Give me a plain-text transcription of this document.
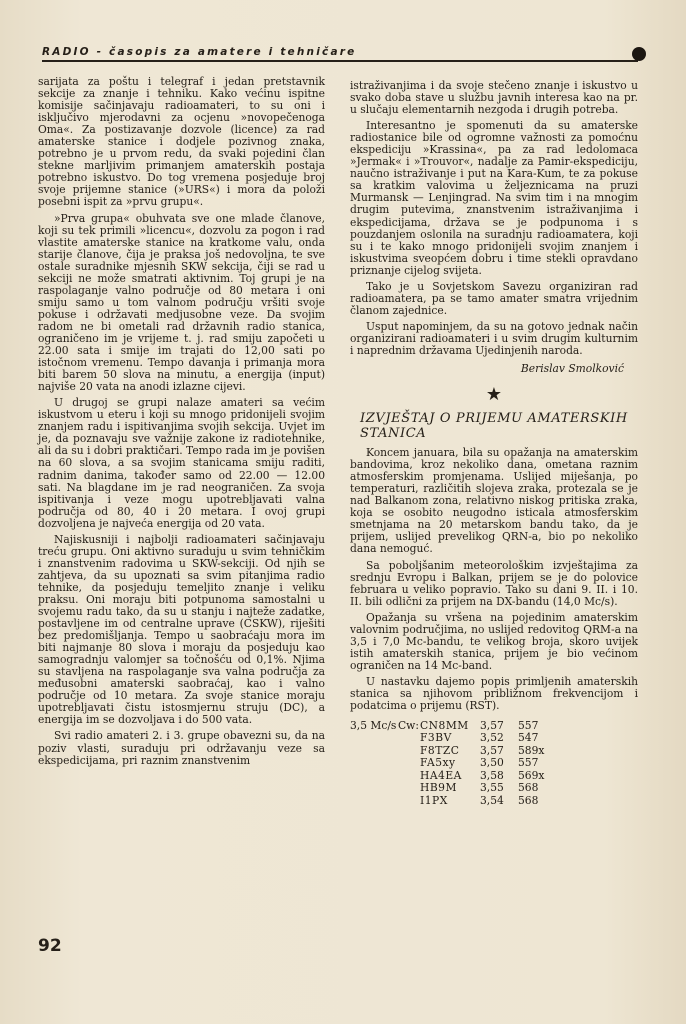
RADIO - časopis za amatere i tehničare

sarijata za poštu i telegraf i jedan pretstavnik sekcije za znanje i tehniku. Kako većinu ispitne komisije sačinjavaju radioamateri, to su oni i isključivo mjerodavni za ocjenu »novopečenoga Oma«. Za postizavanje dozvole (licence) za rad amaterske stanice i dodjele pozivnog znaka, potrebno je u prvom redu, da svaki pojedini član stekne marljivim primanjem amaterskih postaja potrebno iskustvo. Do tog vremena posjeduje broj svoje prijemne stanice (»URS«) i mora da položi posebni ispit za »prvu grupu«.

»Prva grupa« obuhvata sve one mlade članove, koji su tek primili »licencu«, dozvolu za pogon i rad vlastite amaterske stanice na kratkome valu, onda starije članove, čija je praksa još nedovoljna, te sve ostale suradnike mjesnih SKW sekcija, čiji se rad u sekciji ne može smatrati aktivnim. Toj grupi je na raspolaganje valno područje od 80 metara i oni smiju samo u tom valnom području vršiti svoje pokuse i održavati medjusobne veze. Da svojim radom ne bi ometali rad državnih radio stanica, ograničeno im je vrijeme t. j. rad smiju započeti u 22.00 sata i smije im trajati do 12,00 sati po istočnom vremenu. Tempo davanja i primanja mora biti barem 50 slova na minutu, a energija (input) najviše 20 vata na anodi izlazne cijevi.

U drugoj se grupi nalaze amateri sa većim iskustvom u eteru i koji su mnogo pridonijeli svojim znanjem radu i ispitivanjima svojih sekcija. Uvjet im je, da poznavaju sve važnije zakone iz radiotehnike, ali da su i dobri praktičari. Tempo rada im je povišen na 60 slova, a sa svojim stanicama smiju raditi, radnim danima, također samo od 22.00 — 12.00 sati. Na blagdane im je rad neograničen. Za svoja ispitivanja i veze mogu upotrebljavati valna područja od 80, 40 i 20 metara. I ovoj grupi dozvoljena je najveća energija od 20 vata.

Najiskusniji i najbolji radioamateri sačinjavaju treću grupu. Oni aktivno suraduju u svim tehničkim i znanstvenim radovima u SKW-sekciji. Od njih se zahtjeva, da su upoznati sa svim pitanjima radio tehnike, da posjeduju temeljito znanje i veliku praksu. Oni moraju biti potpunoma samostalni u svojemu radu tako, da su u stanju i najteže zadatke, postavljene im od centralne uprave (CSKW), riješiti bez predomišljanja. Tempo u saobraćaju mora im biti najmanje 80 slova i moraju da posjeduju kao samogradnju valomjer sa točnošću od 0,1%. Njima su stavljena na raspolaganje sva valna područja za međusobni amaterski saobraćaj, kao i valno područje od 10 metara. Za svoje stanice moraju upotrebljavati čistu istosmjernu struju (DC), a energija im se dozvoljava i do 500 vata.

Svi radio amateri 2. i 3. grupe obavezni su, da na poziv vlasti, suraduju pri održavanju veze sa ekspedicijama, pri raznim znanstvenim

istraživanjima i da svoje stečeno znanje i iskustvo u svako doba stave u službu javnih interesa kao na pr. u slučaju elementarnih nezgoda i drugih potreba.

Interesantno je spomenuti da su amaterske radiostanice bile od ogromne važnosti za pomoćnu ekspediciju »Krassina«, pa za rad ledolomaca »Jermak« i »Trouvor«, nadalje za Pamir-ekspediciju, naučno istraživanje i put na Kara-Kum, te za pokuse sa kratkim valovima u željeznicama na pruzi Murmansk — Lenjingrad. Na svim tim i na mnogim drugim putevima, znanstvenim istraživanjima i ekspedicijama, država se je podpunoma i s pouzdanjem oslonila na suradnju radioamatera, koji su i te kako mnogo pridonijeli svojim znanjem i iskustvima sveopćem dobru i time stekli opravdano priznanje cijelog svijeta.

Tako je u Sovjetskom Savezu organiziran rad radioamatera, pa se tamo amater smatra vrijednim članom zajednice.

Usput napominjem, da su na gotovo jednak način organizirani radioamateri i u svim drugim kulturnim i naprednim državama Ujedinjenih naroda.

Berislav Smolković
★
IZVJEŠTAJ O PRIJEMU AMATERSKIH STANICA

Koncem januara, bila su opažanja na amaterskim bandovima, kroz nekoliko dana, ometana raznim atmosferskim promjenama. Uslijed miješanja, po temperaturi, različitih slojeva zraka, protezala se je nad Balkanom zona, relativno niskog pritiska zraka, koja se osobito neugodno isticala atmosferskim smetnjama na 20 metarskom bandu tako, da je prijem, uslijed prevelikog QRN-a, bio po nekoliko dana nemoguć.

Sa poboljšanim meteorološkim izvještajima za srednju Evropu i Balkan, prijem se je do polovice februara u veliko popravio. Tako su dani 9. II. i 10. II. bili odlični za prijem na DX-bandu (14,0 Mc/s).

Opažanja su vršena na pojedinim amaterskim valovnim područjima, no uslijed redovitog QRM-a na 3,5 i 7,0 Mc-bandu, te velikog broja, skoro uvijek istih amaterskih stanica, prijem je bio većinom ograničen na 14 Mc-band.

U nastavku dajemo popis primljenih amaterskih stanica sa njihovom približnom frekvencijom i podatcima o prijemu (RST).

3,5 Mc/s Cw: CN8MM	3,57	557
F3BV	3,52	547
F8TZC	3,57	589x
FA5xy	3,50	557
HA4EA	3,58	569x
HB9M	3,55	568
I1PX	3,54	568
92
